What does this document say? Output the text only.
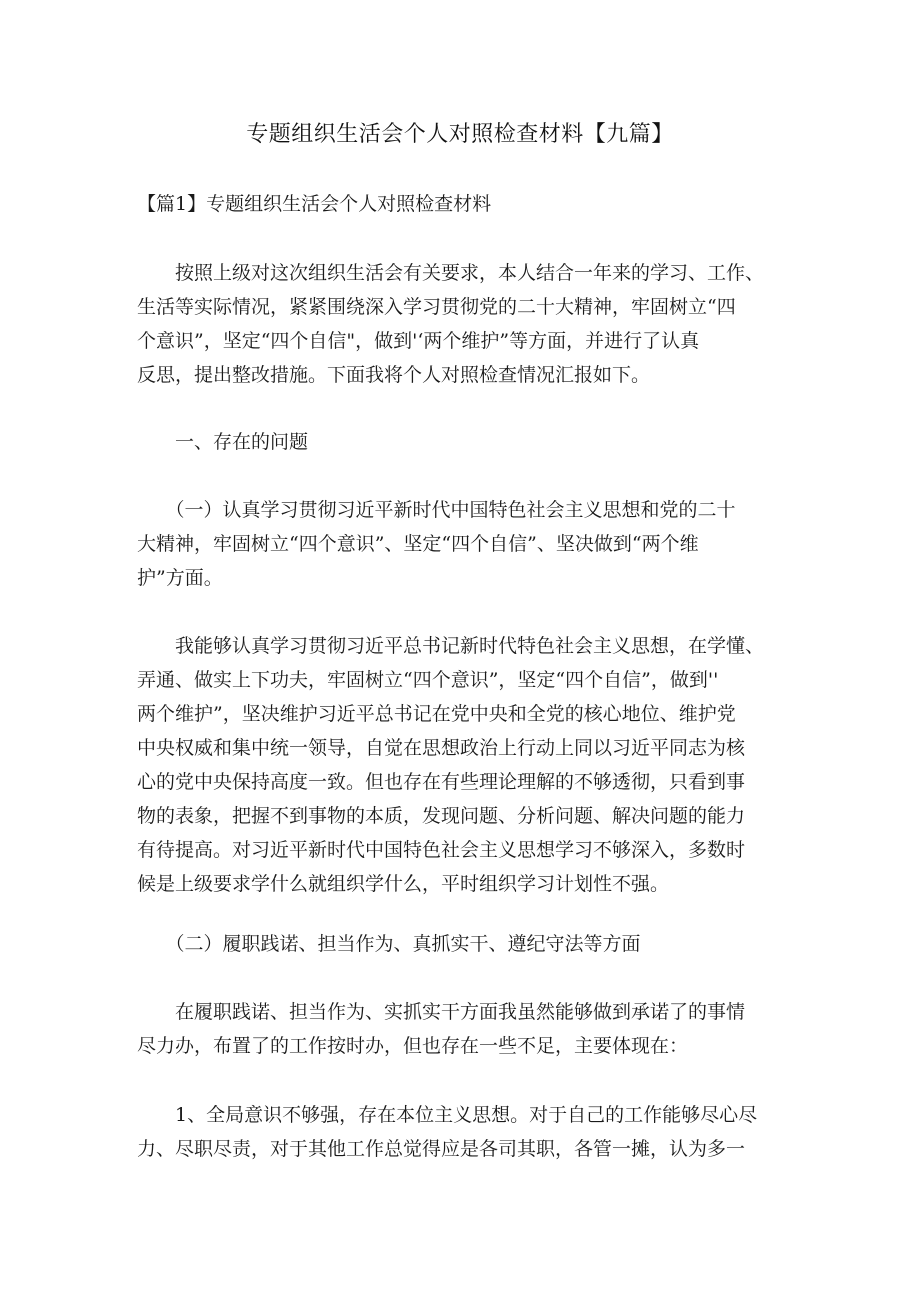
专题组织生活会个人对照检查材料【九篇】
【篇1】专题组织生活会个人对照检查材料
　　按照上级对这次组织生活会有关要求，本人结合一年来的学习、工作、
生活等实际情况，紧紧围绕深入学习贯彻党的二十大精神，牢固树立“四
个意识”，坚定“四个自信"，做到'‘两个维护”等方面，并进行了认真
反思，提出整改措施。下面我将个人对照检查情况汇报如下。
　　一、存在的问题
　　（一）认真学习贯彻习近平新时代中国特色社会主义思想和党的二十
大精神，牢固树立“四个意识”、坚定“四个自信”、坚决做到“两个维
护”方面。
　　我能够认真学习贯彻习近平总书记新时代特色社会主义思想，在学懂、
弄通、做实上下功夫，牢固树立“四个意识”，坚定“四个自信”，做到''
两个维护”，坚决维护习近平总书记在党中央和全党的核心地位、维护党
中央权威和集中统一领导，自觉在思想政治上行动上同以习近平同志为核
心的党中央保持高度一致。但也存在有些理论理解的不够透彻，只看到事
物的表象，把握不到事物的本质，发现问题、分析问题、解决问题的能力
有待提高。对习近平新时代中国特色社会主义思想学习不够深入，多数时
候是上级要求学什么就组织学什么，平时组织学习计划性不强。
　　（二）履职践诺、担当作为、真抓实干、遵纪守法等方面
　　在履职践诺、担当作为、实抓实干方面我虽然能够做到承诺了的事情
尽力办，布置了的工作按时办，但也存在一些不足，主要体现在：
　　1、全局意识不够强，存在本位主义思想。对于自己的工作能够尽心尽
力、尽职尽责，对于其他工作总觉得应是各司其职，各管一摊，认为多一
